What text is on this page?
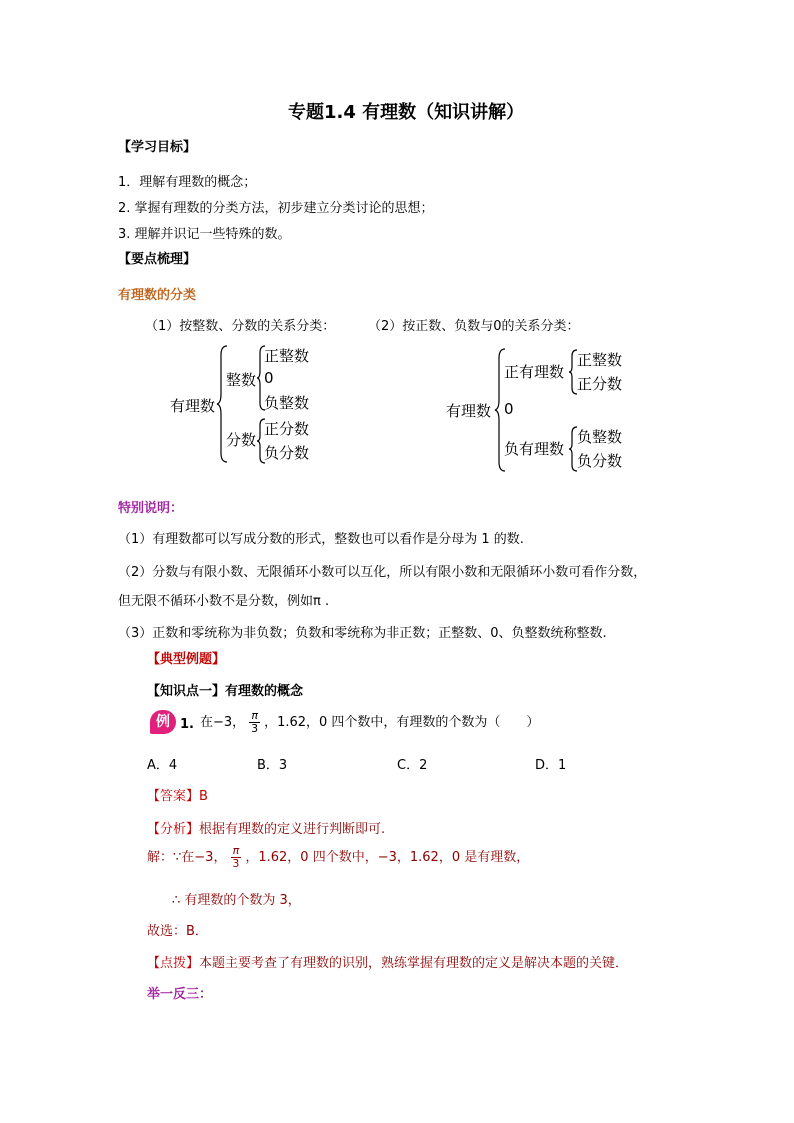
专题1.4 有理数（知识讲解）
【学习目标】
1．理解有理数的概念；
2. 掌握有理数的分类方法，初步建立分类讨论的思想；
3. 理解并识记一些特殊的数。
【要点梳理】
有理数的分类
（1）按整数、分数的关系分类：	（2）按正数、负数与0的关系分类：
有理数
整数
正整数
0
负整数
分数
正分数
负分数
有理数
正有理数
正整数
正分数
0
负有理数
负整数
负分数
特别说明：
（1）有理数都可以写成分数的形式，整数也可以看作是分母为 1 的数.
（2）分数与有限小数、无限循环小数可以互化，所以有限小数和无限循环小数可看作分数，
但无限不循环小数不是分数，例如π .
（3）正数和零统称为非负数；负数和零统称为非正数；正整数、0、负整数统称整数.
【典型例题】
【知识点一】有理数的概念
例 1. 在−3， $\frac{\pi}{3}$ ，1.62，0 四个数中，有理数的个数为（　　）
A．4	B．3	C．2	D．1
【答案】B
【分析】根据有理数的定义进行判断即可.
解：∵在−3， $\frac{\pi}{3}$ ，1.62，0 四个数中，−3，1.62，0 是有理数，
∴ 有理数的个数为 3，
故选：B．
【点拨】本题主要考查了有理数的识别，熟练掌握有理数的定义是解决本题的关键．
举一反三：
